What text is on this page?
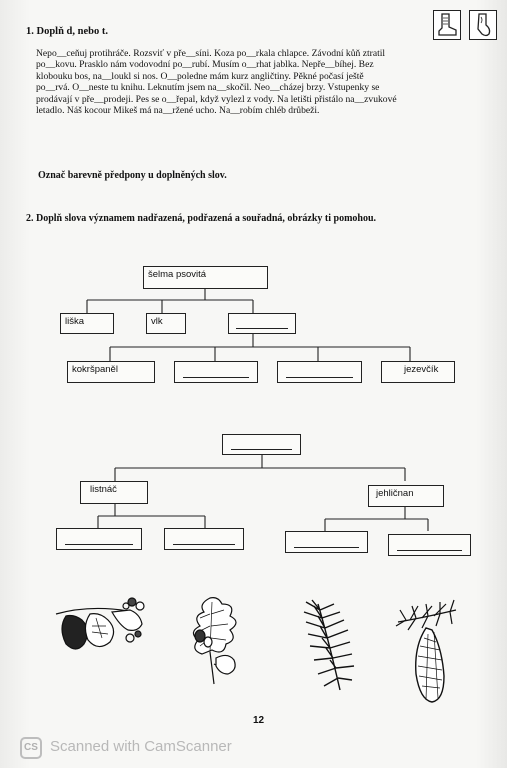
1. Doplň d, nebo t.
Nepo__ceňuj protihráče. Rozsviť v pře__síni. Koza po__rkala chlapce. Závodní kůň ztratil
po__kovu. Prasklo nám vodovodní po__rubí. Musím o__rhat jablka. Nepře__bíhej. Bez
klobouku bos, na__loukl si nos. O__poledne mám kurz angličtiny. Pěkné počasí ještě
po__rvá. O__neste tu knihu. Leknutím jsem na__skočil. Neo__cházej brzy. Vstupenky se
prodávají v pře__prodeji. Pes se o__řepal, když vylezl z vody. Na letišti přistálo na__zvukové
letadlo. Náš kocour Mikeš má na__ržené ucho. Na__robím chléb drůbeži.
Označ barevně předpony u doplněných slov.
2. Doplň slova významem nadřazená, podřazená a souřadná, obrázky ti pomohou.
šelma psovitá
liška	vlk
kokršpaněl	jezevčík
listnáč	jehličnan
12
CS Scanned with CamScanner
